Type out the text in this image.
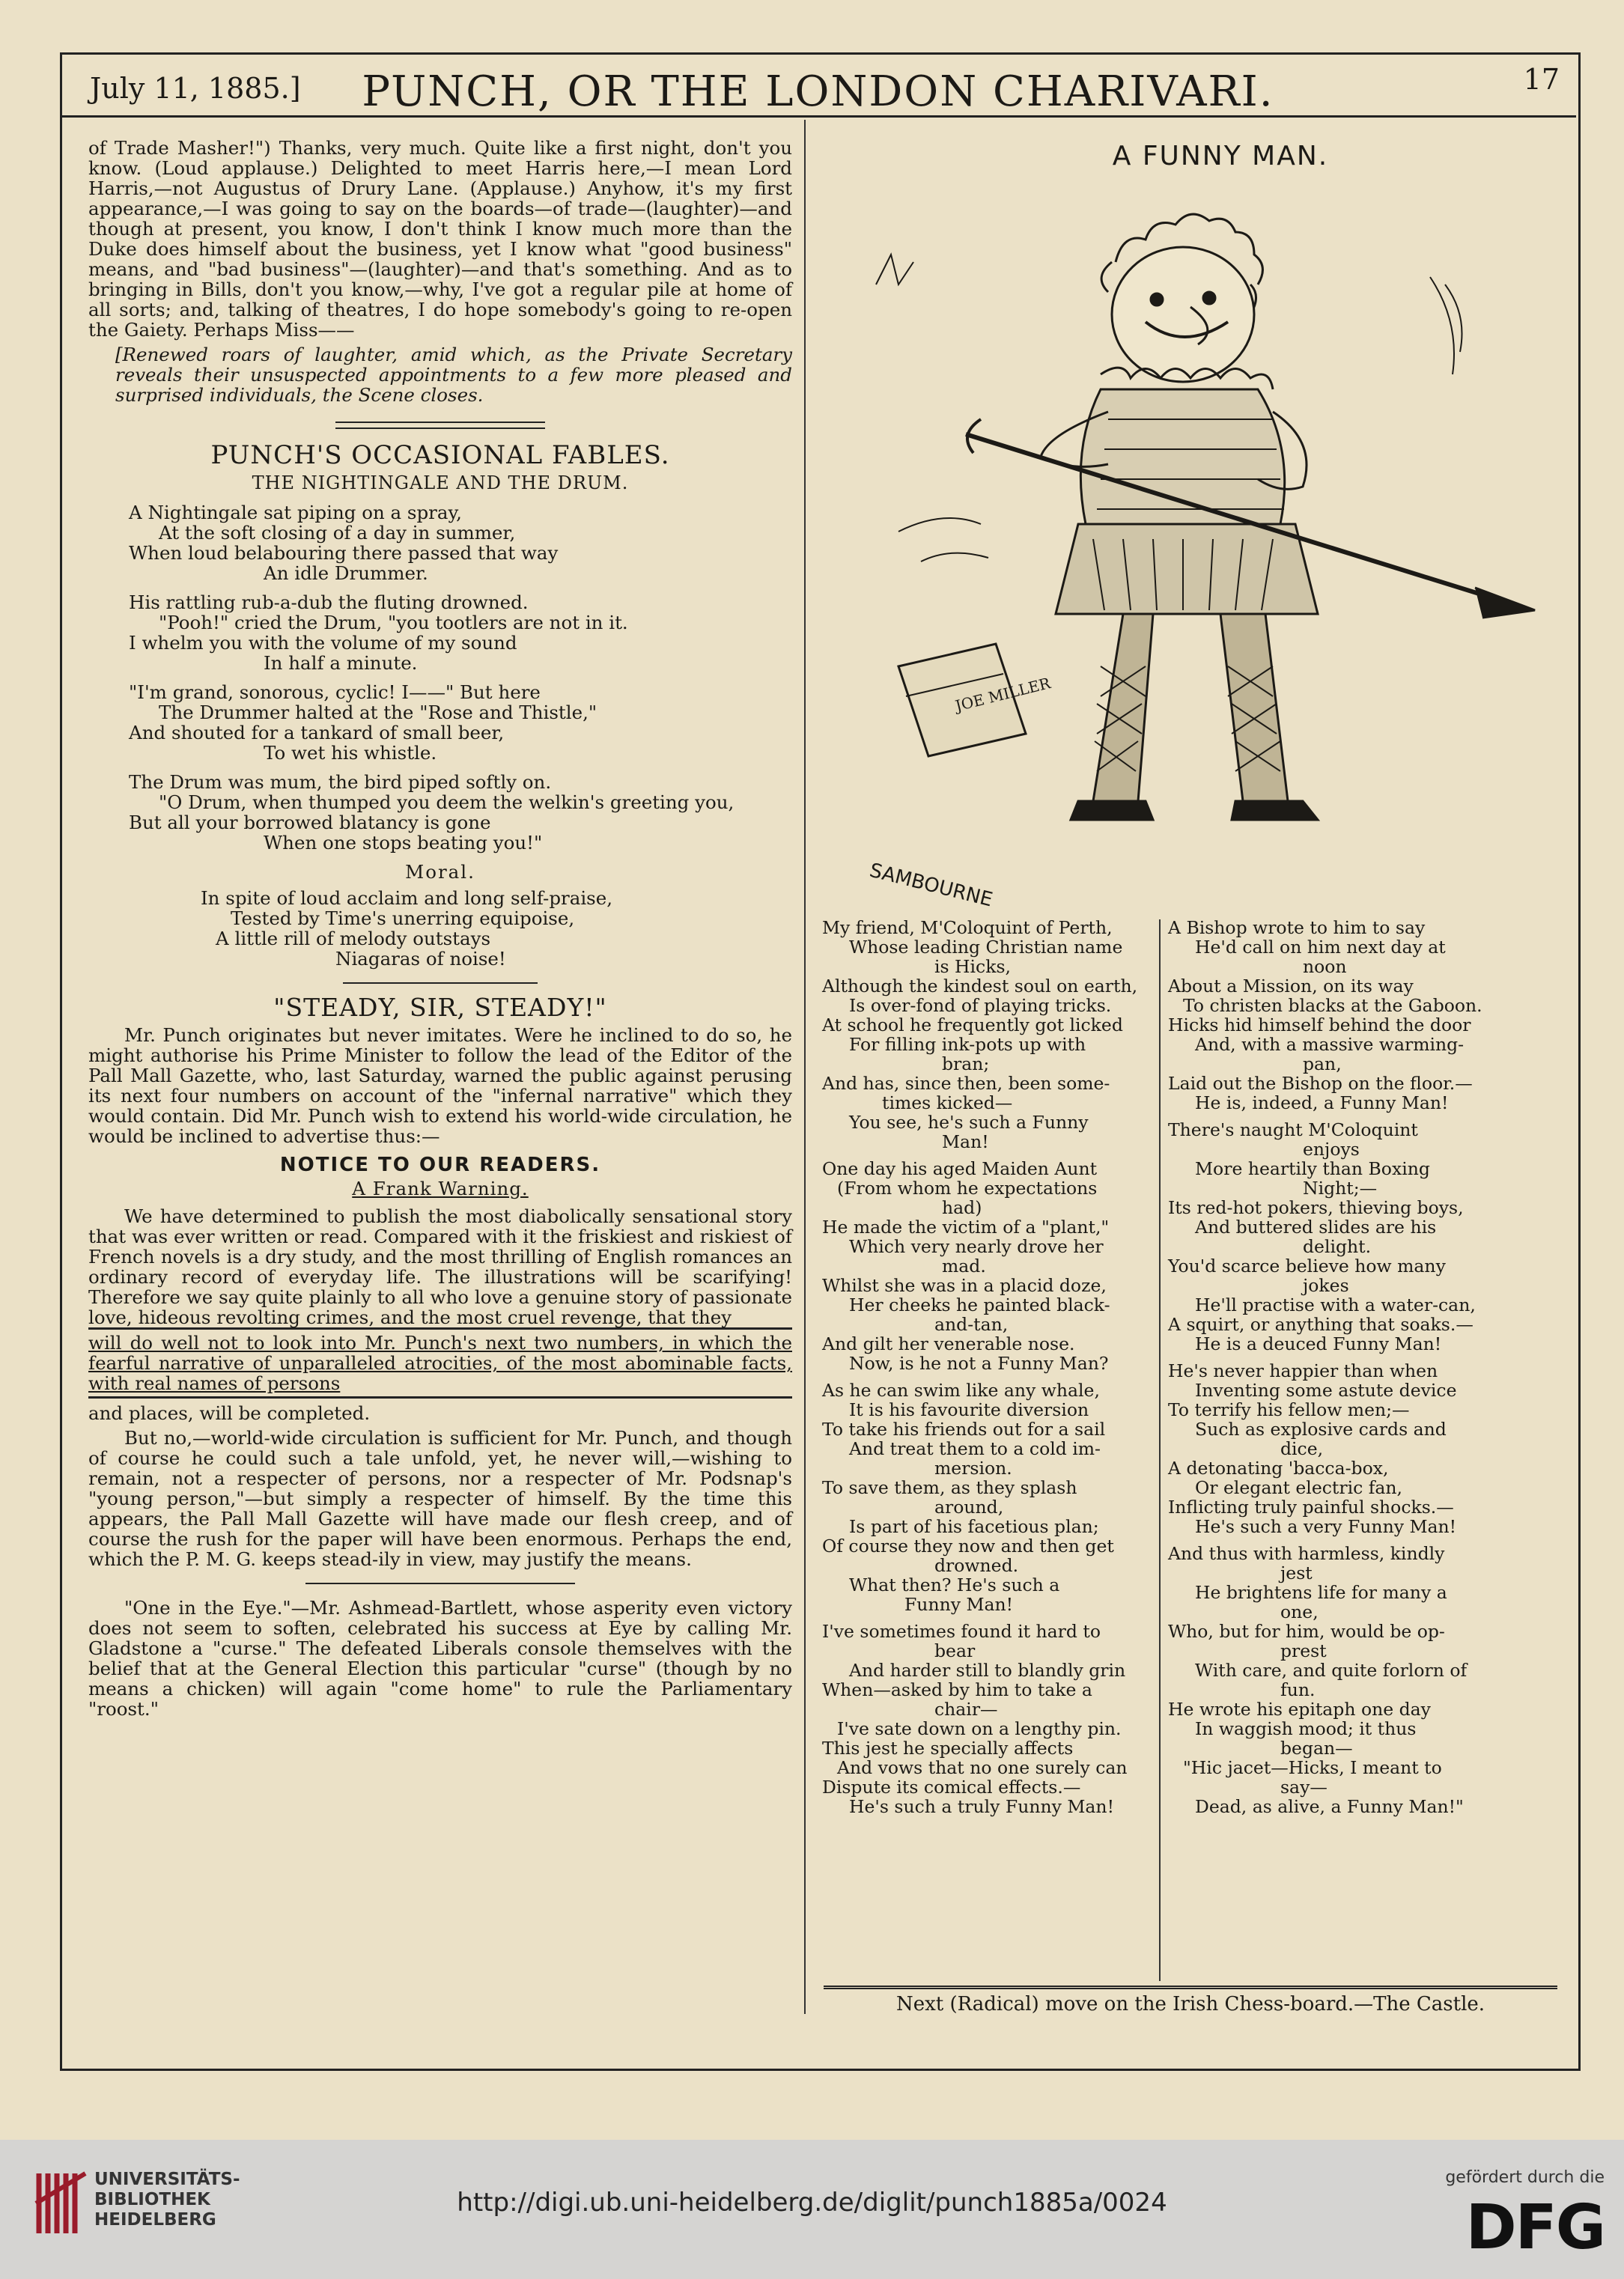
July 11, 1885.]	PUNCH, OR THE LONDON CHARIVARI.	17

of Trade Masher!") Thanks, very much. Quite like a first night, don't you know. (Loud applause.) Delighted to meet Harris here,—I mean Lord Harris,—not Augustus of Drury Lane. (Applause.) Anyhow, it's my first appearance,—I was going to say on the boards—of trade—(laughter)—and though at present, you know, I don't think I know much more than the Duke does himself about the business, yet I know what "good business" means, and "bad business"—(laughter)—and that's something. And as to bringing in Bills, don't you know,—why, I've got a regular pile at home of all sorts; and, talking of theatres, I do hope somebody's going to re-open the Gaiety. Perhaps Miss——

[Renewed roars of laughter, amid which, as the Private Secretary reveals their unsuspected appointments to a few more pleased and surprised individuals, the Scene closes.

PUNCH'S OCCASIONAL FABLES.
THE NIGHTINGALE AND THE DRUM.
A Nightingale sat piping on a spray,
At the soft closing of a day in summer,
When loud belabouring there passed that way
An idle Drummer.
His rattling rub-a-dub the fluting drowned.
"Pooh!" cried the Drum, "you tootlers are not in it.
I whelm you with the volume of my sound
In half a minute.
"I'm grand, sonorous, cyclic! I——" But here
The Drummer halted at the "Rose and Thistle,"
And shouted for a tankard of small beer,
To wet his whistle.
The Drum was mum, the bird piped softly on.
"O Drum, when thumped you deem the welkin's greeting you,
But all your borrowed blatancy is gone
When one stops beating you!"
Moral.
In spite of loud acclaim and long self-praise,
Tested by Time's unerring equipoise,
A little rill of melody outstays
Niagaras of noise!
"STEADY, SIR, STEADY!"

Mr. Punch originates but never imitates. Were he inclined to do so, he might authorise his Prime Minister to follow the lead of the Editor of the Pall Mall Gazette, who, last Saturday, warned the public against perusing its next four numbers on account of the "infernal narrative" which they would contain. Did Mr. Punch wish to extend his world-wide circulation, he would be inclined to advertise thus:—

NOTICE TO OUR READERS.
A Frank Warning.

We have determined to publish the most diabolically sensational story that was ever written or read. Compared with it the friskiest and riskiest of French novels is a dry study, and the most thrilling of English romances an ordinary record of everyday life. The illustrations will be scarifying! Therefore we say quite plainly to all who love a genuine story of passionate love, hideous revolting crimes, and the most cruel revenge, that they

will do well not to look into Mr. Punch's next two numbers, in which the fearful narrative of unparalleled atrocities, of the most abominable facts, with real names of persons

and places, will be completed.

But no,—world-wide circulation is sufficient for Mr. Punch, and though of course he could such a tale unfold, yet, he never will,—wishing to remain, not a respecter of persons, nor a respecter of Mr. Podsnap's "young person,"—but simply a respecter of himself. By the time this appears, the Pall Mall Gazette will have made our flesh creep, and of course the rush for the paper will have been enormous. Perhaps the end, which the P. M. G. keeps stead-ily in view, may justify the means.

"One in the Eye."—Mr. Ashmead-Bartlett, whose asperity even victory does not seem to soften, celebrated his success at Eye by calling Mr. Gladstone a "curse." The defeated Liberals console themselves with the belief that at the General Election this particular "curse" (though by no means a chicken) will again "come home" to rule the Parliamentary "roost."

A FUNNY MAN.
JOE MILLER
SAMBOURNE
My friend, M'Coloquint of Perth,
Whose leading Christian name
is Hicks,
Although the kindest soul on earth,
Is over-fond of playing tricks.
At school he frequently got licked
For filling ink-pots up with
bran;
And has, since then, been some-
times kicked—
You see, he's such a Funny
Man!
One day his aged Maiden Aunt
(From whom he expectations
had)
He made the victim of a "plant,"
Which very nearly drove her
mad.
Whilst she was in a placid doze,
Her cheeks he painted black-
and-tan,
And gilt her venerable nose.
Now, is he not a Funny Man?
As he can swim like any whale,
It is his favourite diversion
To take his friends out for a sail
And treat them to a cold im-
mersion.
To save them, as they splash
around,
Is part of his facetious plan;
Of course they now and then get
drowned.
What then? He's such a
Funny Man!
I've sometimes found it hard to
bear
And harder still to blandly grin
When—asked by him to take a
chair—
I've sate down on a lengthy pin.
This jest he specially affects
And vows that no one surely can
Dispute its comical effects.—
He's such a truly Funny Man!
A Bishop wrote to him to say
He'd call on him next day at
noon
About a Mission, on its way
To christen blacks at the Gaboon.
Hicks hid himself behind the door
And, with a massive warming-
pan,
Laid out the Bishop on the floor.—
He is, indeed, a Funny Man!
There's naught M'Coloquint
enjoys
More heartily than Boxing
Night;—
Its red-hot pokers, thieving boys,
And buttered slides are his
delight.
You'd scarce believe how many
jokes
He'll practise with a water-can,
A squirt, or anything that soaks.—
He is a deuced Funny Man!
He's never happier than when
Inventing some astute device
To terrify his fellow men;—
Such as explosive cards and
dice,
A detonating 'bacca-box,
Or elegant electric fan,
Inflicting truly painful shocks.—
He's such a very Funny Man!
And thus with harmless, kindly
jest
He brightens life for many a
one,
Who, but for him, would be op-
prest
With care, and quite forlorn of
fun.
He wrote his epitaph one day
In waggish mood; it thus
began—
"Hic jacet—Hicks, I meant to
say—
Dead, as alive, a Funny Man!"
Next (Radical) move on the Irish Chess-board.—The Castle.
UNIVERSITÄTS-
BIBLIOTHEK
HEIDELBERG
http://digi.ub.uni-heidelberg.de/diglit/punch1885a/0024
gefördert durch die
DFG
